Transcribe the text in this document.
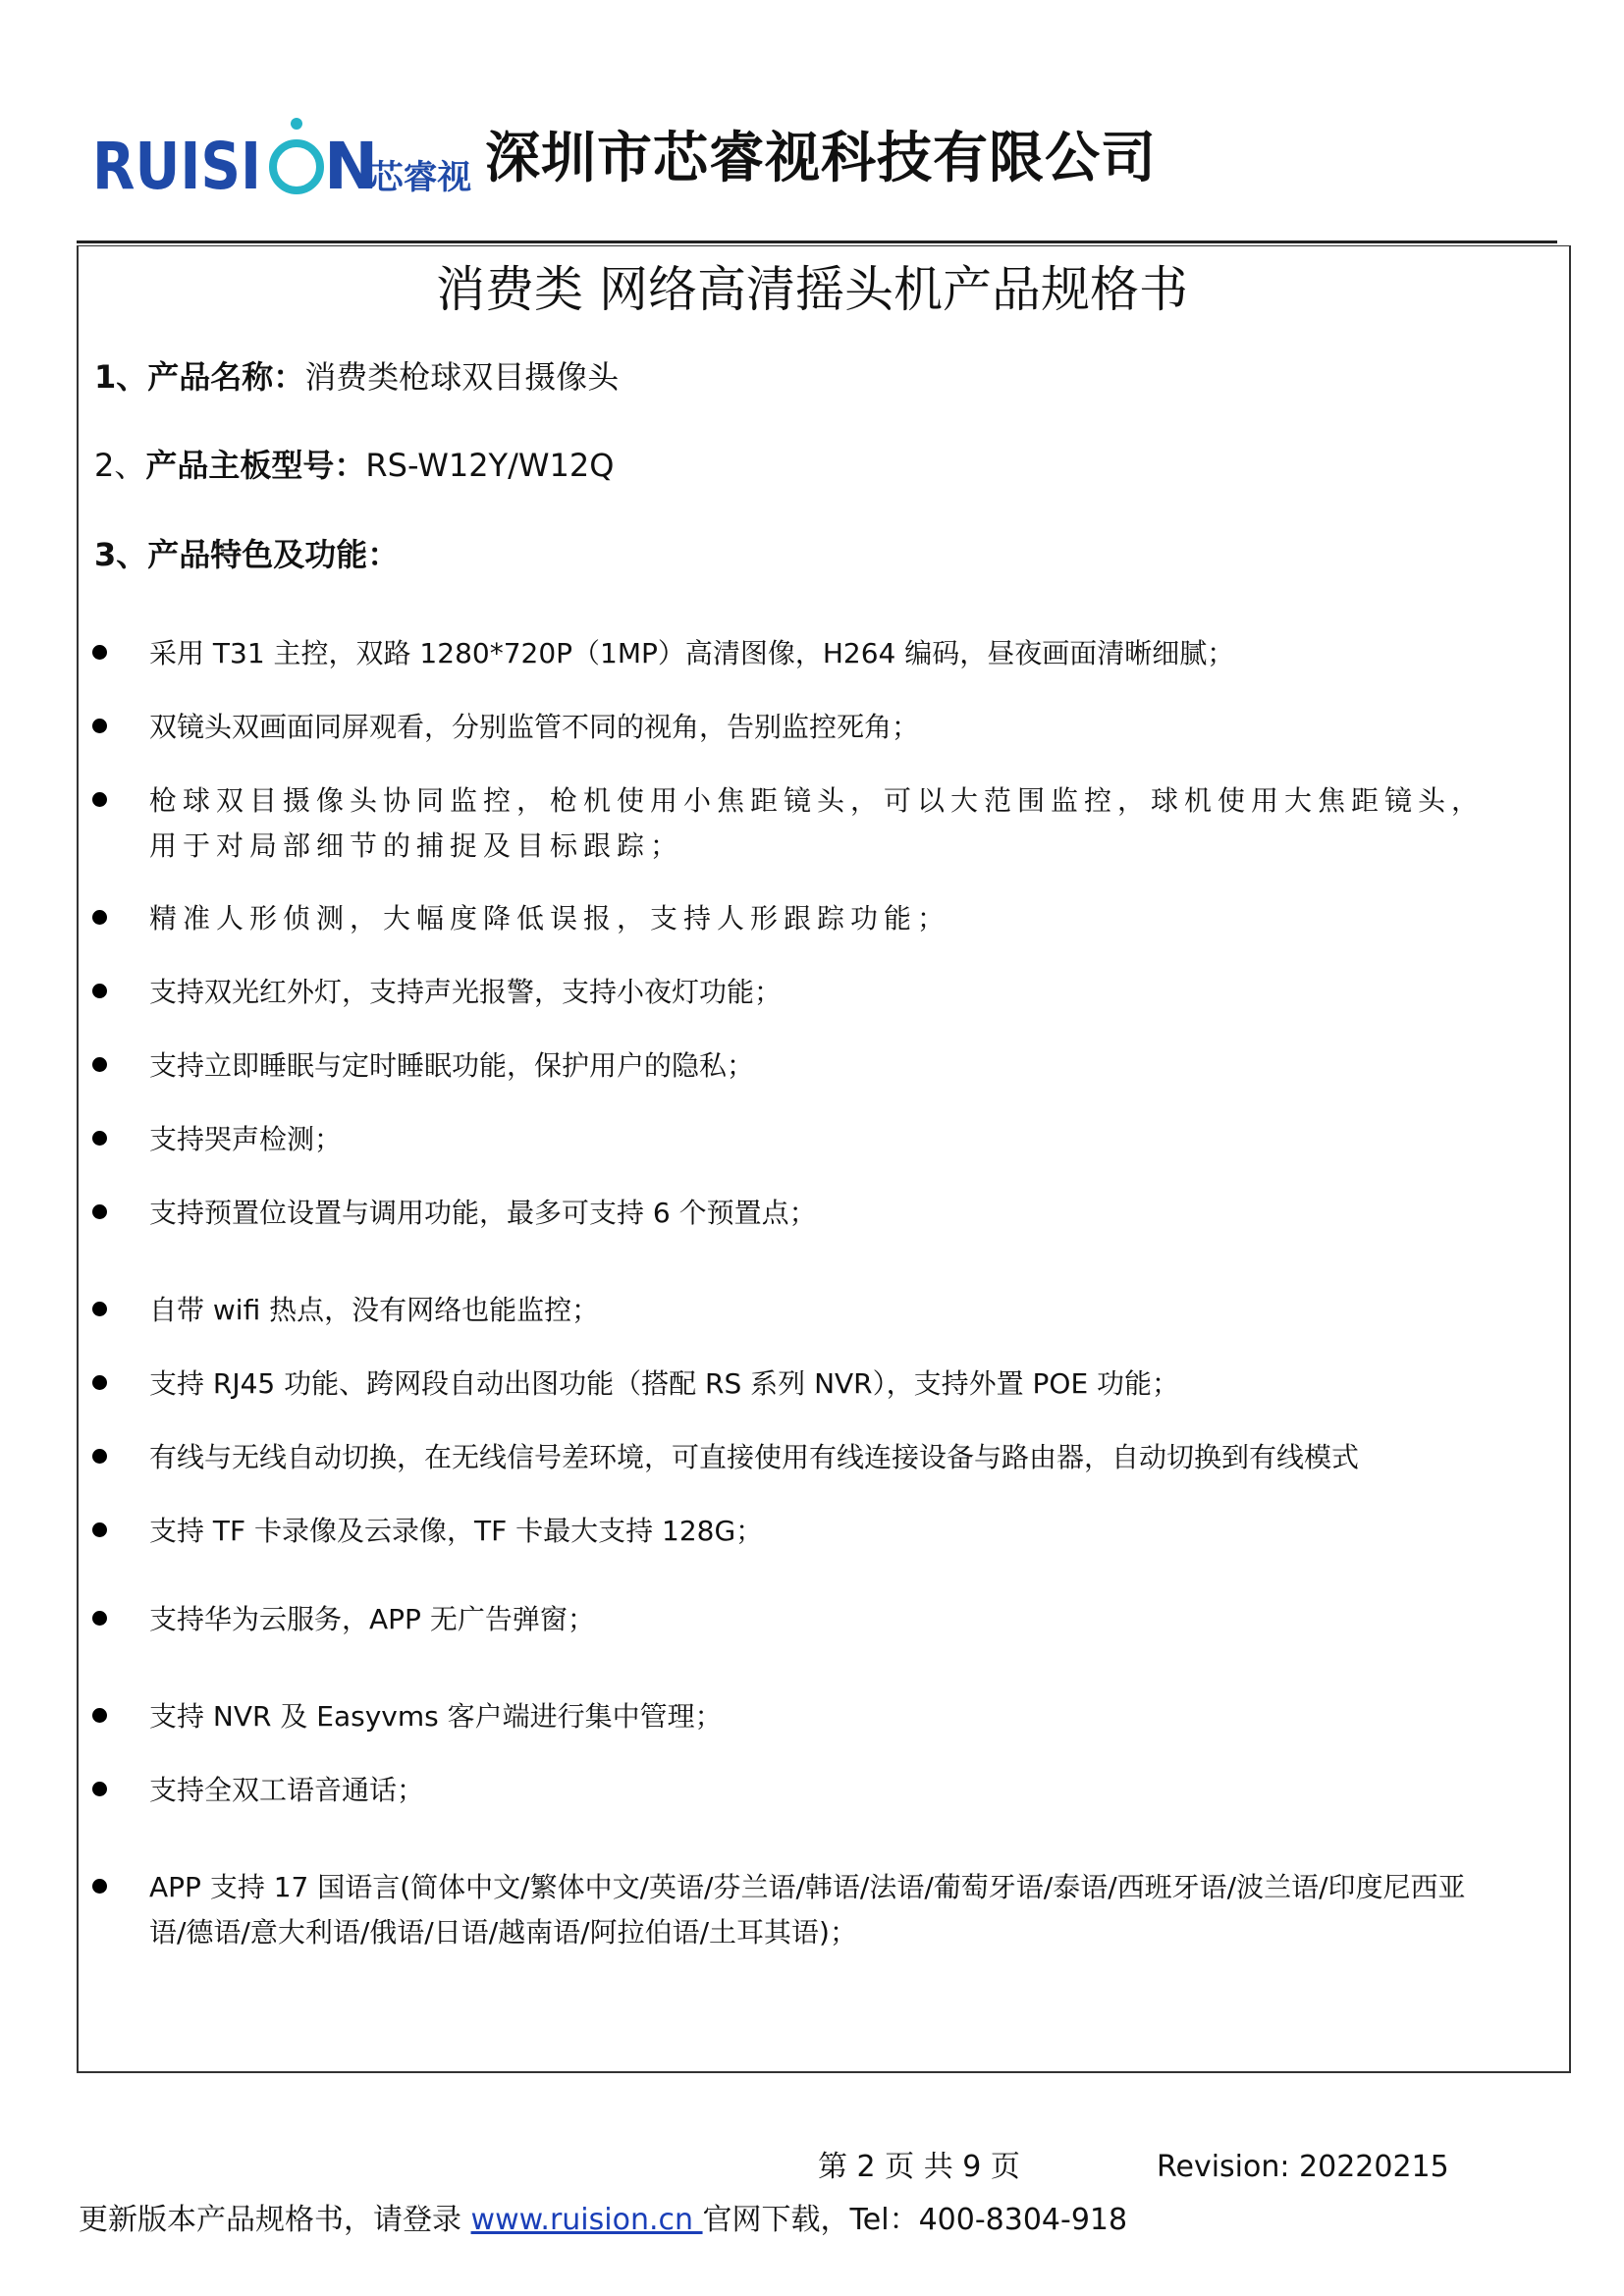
RUISI N
芯睿视 深圳市芯睿视科技有限公司
消费类 网络高清摇头机产品规格书
1、产品名称：消费类枪球双目摄像头
2、产品主板型号：RS-W12Y/W12Q
3、产品特色及功能：
采用 T31 主控，双路 1280*720P（1MP）高清图像，H264 编码，昼夜画面清晰细腻；
双镜头双画面同屏观看，分别监管不同的视角，告别监控死角；
枪球双目摄像头协同监控，枪机使用小焦距镜头，可以大范围监控，球机使用大焦距镜头，
用于对局部细节的捕捉及目标跟踪；
精准人形侦测，大幅度降低误报，支持人形跟踪功能；
支持双光红外灯，支持声光报警，支持小夜灯功能；
支持立即睡眠与定时睡眠功能，保护用户的隐私；
支持哭声检测；
支持预置位设置与调用功能，最多可支持 6 个预置点；
自带 wifi 热点，没有网络也能监控；
支持 RJ45 功能、跨网段自动出图功能（搭配 RS 系列 NVR），支持外置 POE 功能；
有线与无线自动切换，在无线信号差环境，可直接使用有线连接设备与路由器，自动切换到有线模式
支持 TF 卡录像及云录像，TF 卡最大支持 128G；
支持华为云服务，APP 无广告弹窗；
支持 NVR 及 Easyvms 客户端进行集中管理；
支持全双工语音通话；
APP 支持 17 国语言(简体中文/繁体中文/英语/芬兰语/韩语/法语/葡萄牙语/泰语/西班牙语/波兰语/印度尼西亚
语/德语/意大利语/俄语/日语/越南语/阿拉伯语/土耳其语)；
第 2 页 共 9 页	Revision: 20220215
更新版本产品规格书，请登录 www.ruision.cn 官网下载，Tel：400-8304-918
